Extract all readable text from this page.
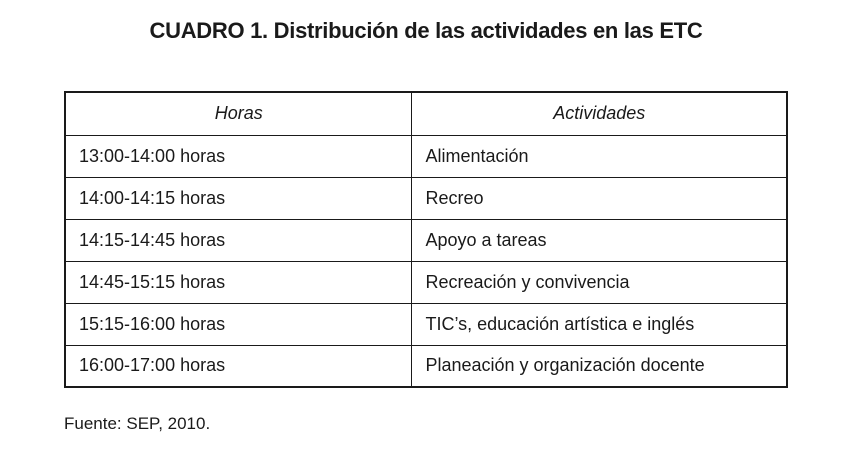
CUADRO 1. Distribución de las actividades en las ETC
Horas	Actividades
13:00-14:00 horas	Alimentación
14:00-14:15 horas	Recreo
14:15-14:45 horas	Apoyo a tareas
14:45-15:15 horas	Recreación y convivencia
15:15-16:00 horas	TIC’s, educación artística e inglés
16:00-17:00 horas	Planeación y organización docente
Fuente: SEP, 2010.
